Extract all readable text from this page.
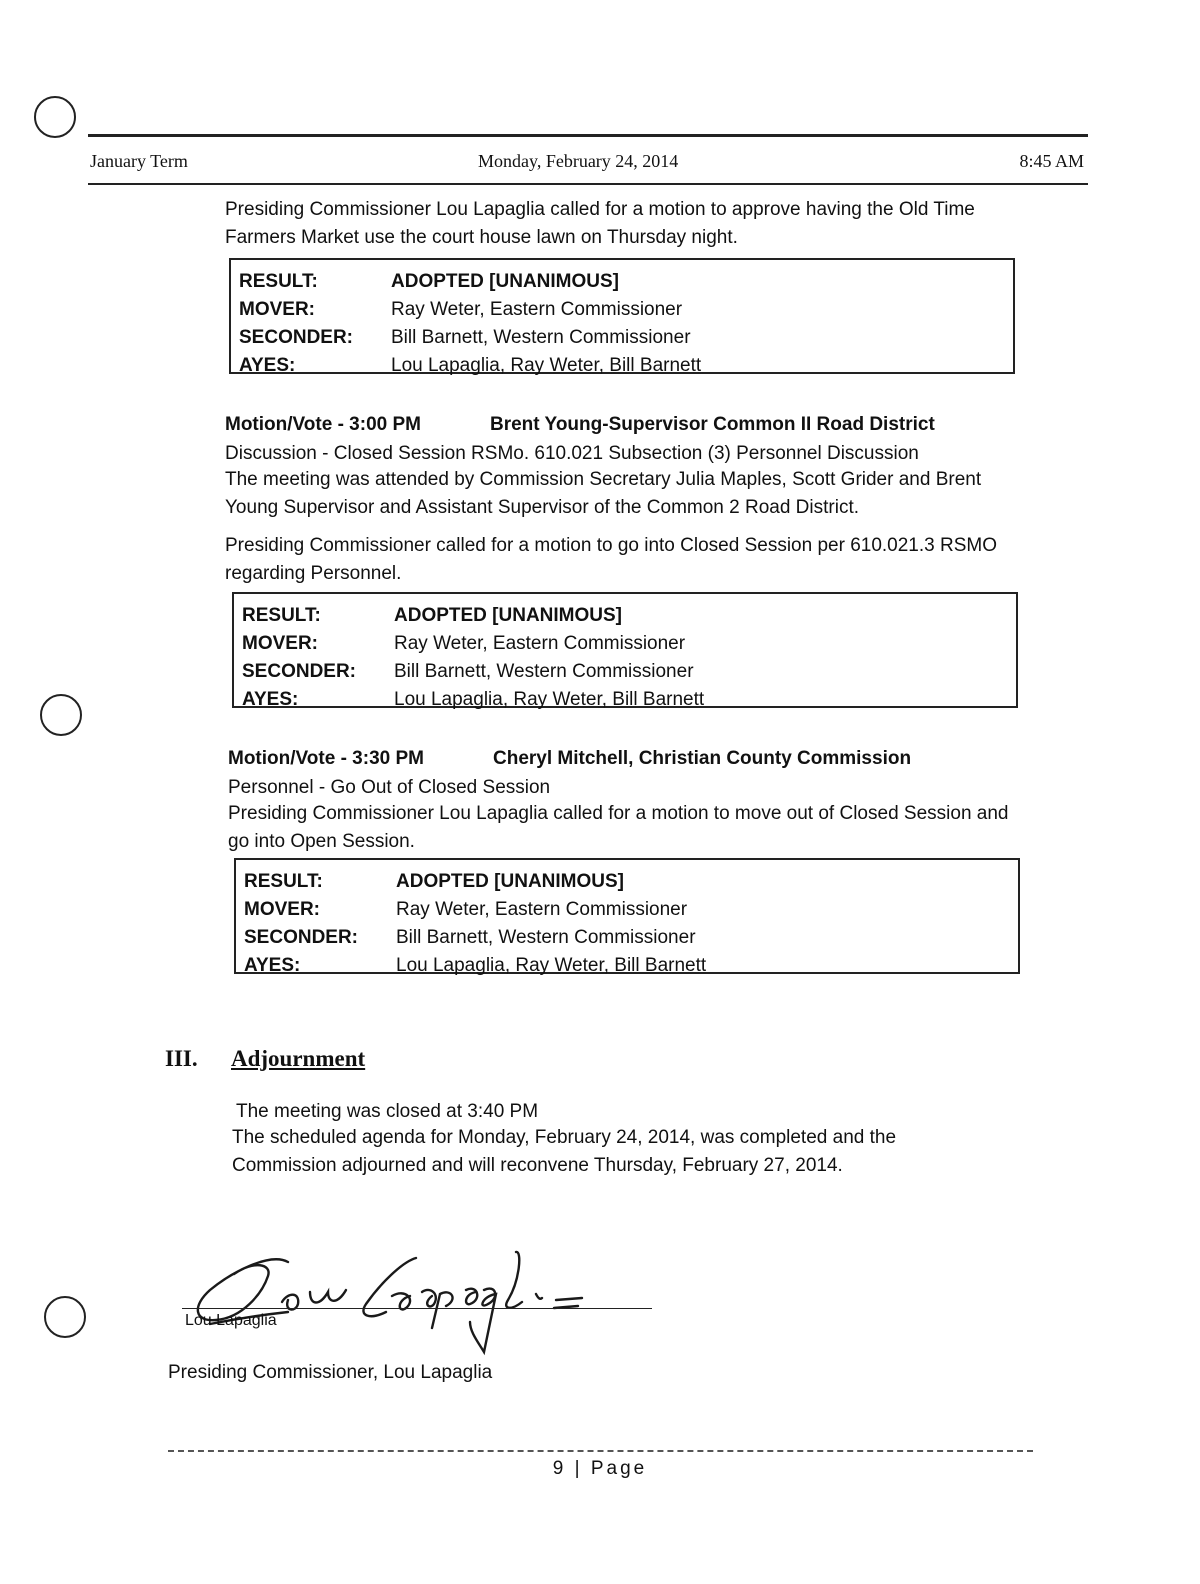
January Term	Monday, February 24, 2014	8:45 AM
Presiding Commissioner Lou Lapaglia called for a motion to approve having the Old Time Farmers Market use the court house lawn on Thursday night.
RESULT:	ADOPTED [UNANIMOUS]
MOVER:	Ray Weter, Eastern Commissioner
SECONDER: Bill Barnett, Western Commissioner
AYES:	Lou Lapaglia, Ray Weter, Bill Barnett
Motion/Vote - 3:00 PM	Brent Young-Supervisor Common II Road District
Discussion - Closed Session RSMo. 610.021 Subsection (3) Personnel Discussion
The meeting was attended by Commission Secretary Julia Maples, Scott Grider and Brent Young Supervisor and Assistant Supervisor of the Common 2 Road District.
Presiding Commissioner called for a motion to go into Closed Session per 610.021.3 RSMO regarding Personnel.
RESULT:	ADOPTED [UNANIMOUS]
MOVER:	Ray Weter, Eastern Commissioner
SECONDER: Bill Barnett, Western Commissioner
AYES:	Lou Lapaglia, Ray Weter, Bill Barnett
Motion/Vote - 3:30 PM	Cheryl Mitchell, Christian County Commission
Personnel - Go Out of Closed Session
Presiding Commissioner Lou Lapaglia called for a motion to move out of Closed Session and go into Open Session.
RESULT:	ADOPTED [UNANIMOUS]
MOVER:	Ray Weter, Eastern Commissioner
SECONDER: Bill Barnett, Western Commissioner
AYES:	Lou Lapaglia, Ray Weter, Bill Barnett
III. Adjournment
The meeting was closed at 3:40 PM
The scheduled agenda for Monday, February 24, 2014, was completed and the Commission adjourned and will reconvene Thursday, February 27, 2014.
Lou Lapaglia
Presiding Commissioner, Lou Lapaglia
9 | Page
